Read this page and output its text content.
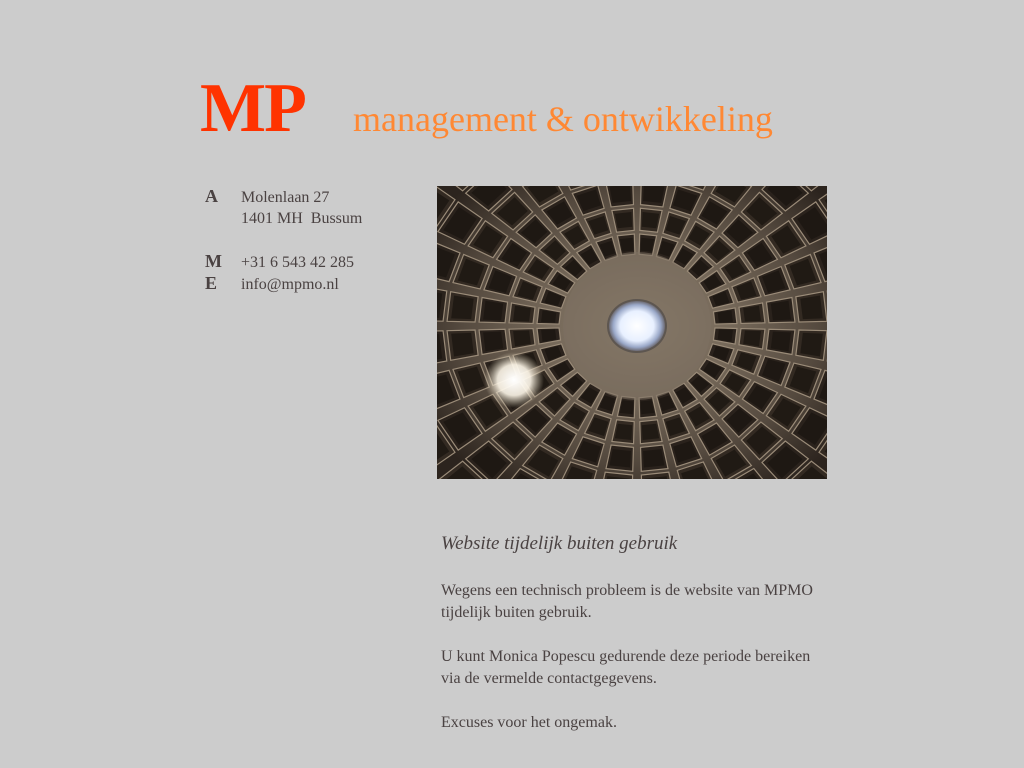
MP management & ontwikkeling
A	Molenlaan 27
1401 MH  Bussum
M	+31 6 543 42 285
E	info@mpmo.nl
Website tijdelijk buiten gebruik

Wegens een technisch probleem is de website van MPMO tijdelijk buiten gebruik.

U kunt Monica Popescu gedurende deze periode bereiken via de vermelde contactgegevens.

Excuses voor het ongemak.
